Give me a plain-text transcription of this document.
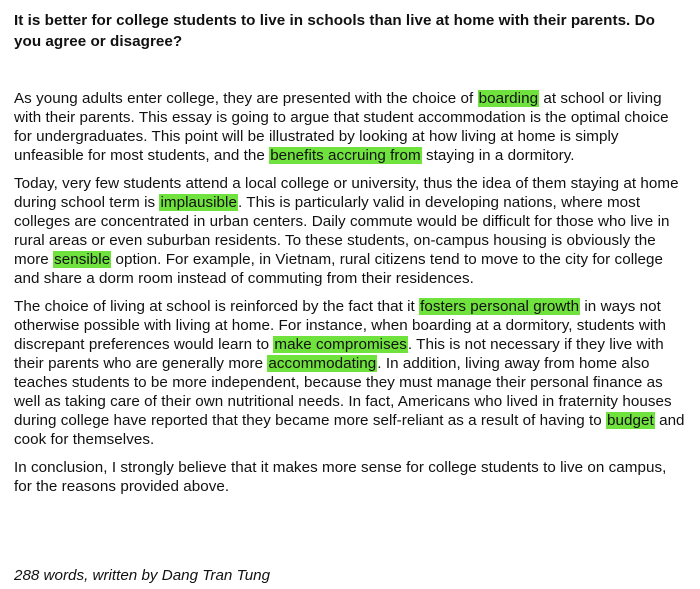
It is better for college students to live in schools than live at home with their parents. Do you agree or disagree?

As young adults enter college, they are presented with the choice of boarding at school or living with their parents. This essay is going to argue that student accommodation is the optimal choice for undergraduates. This point will be illustrated by looking at how living at home is simply unfeasible for most students, and the benefits accruing from staying in a dormitory.

Today, very few students attend a local college or university, thus the idea of them staying at home during school term is implausible. This is particularly valid in developing nations, where most colleges are concentrated in urban centers. Daily commute would be difficult for those who live in rural areas or even suburban residents. To these students, on-campus housing is obviously the more sensible option. For example, in Vietnam, rural citizens tend to move to the city for college and share a dorm room instead of commuting from their residences.

The choice of living at school is reinforced by the fact that it fosters personal growth in ways not otherwise possible with living at home. For instance, when boarding at a dormitory, students with discrepant preferences would learn to make compromises. This is not necessary if they live with their parents who are generally more accommodating. In addition, living away from home also teaches students to be more independent, because they must manage their personal finance as well as taking care of their own nutritional needs. In fact, Americans who lived in fraternity houses during college have reported that they became more self-reliant as a result of having to budget and cook for themselves.

In conclusion, I strongly believe that it makes more sense for college students to live on campus, for the reasons provided above.

288 words, written by Dang Tran Tung
